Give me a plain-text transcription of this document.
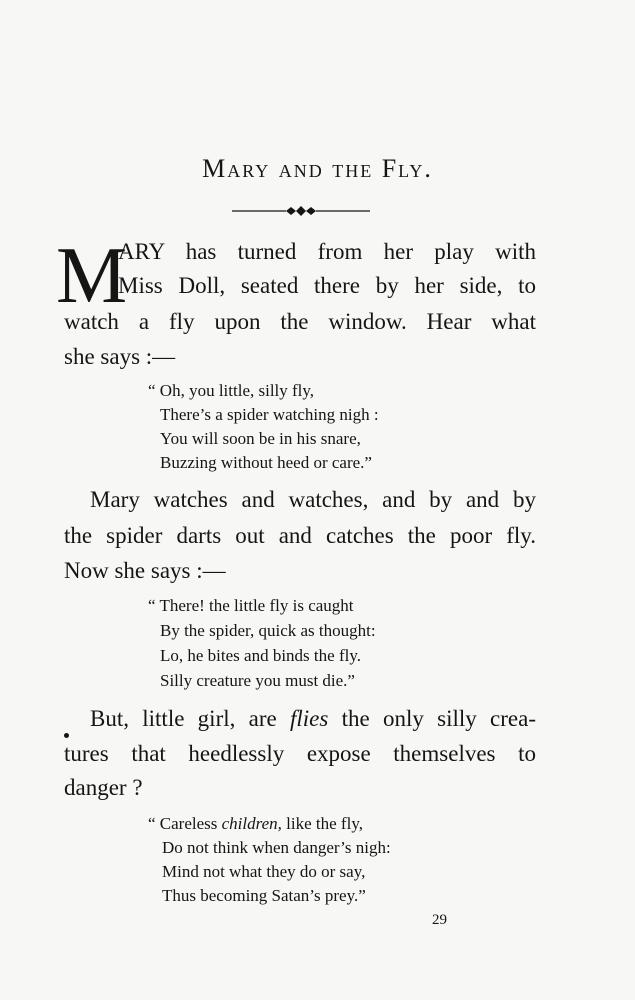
Mary and the Fly.
M
ARY has turned from her play with
Miss Doll, seated there by her side, to
watch a fly upon the window. Hear what
she says :—
“ Oh, you little, silly fly,
There’s a spider watching nigh :
You will soon be in his snare,
Buzzing without heed or care.”
Mary watches and watches, and by and by
the spider darts out and catches the poor fly.
Now she says :—
“ There! the little fly is caught
By the spider, quick as thought:
Lo, he bites and binds the fly.
Silly creature you must die.”
But, little girl, are flies the only silly crea-
tures that heedlessly expose themselves to
danger ?
“ Careless children, like the fly,
Do not think when danger’s nigh:
Mind not what they do or say,
Thus becoming Satan’s prey.”
29
